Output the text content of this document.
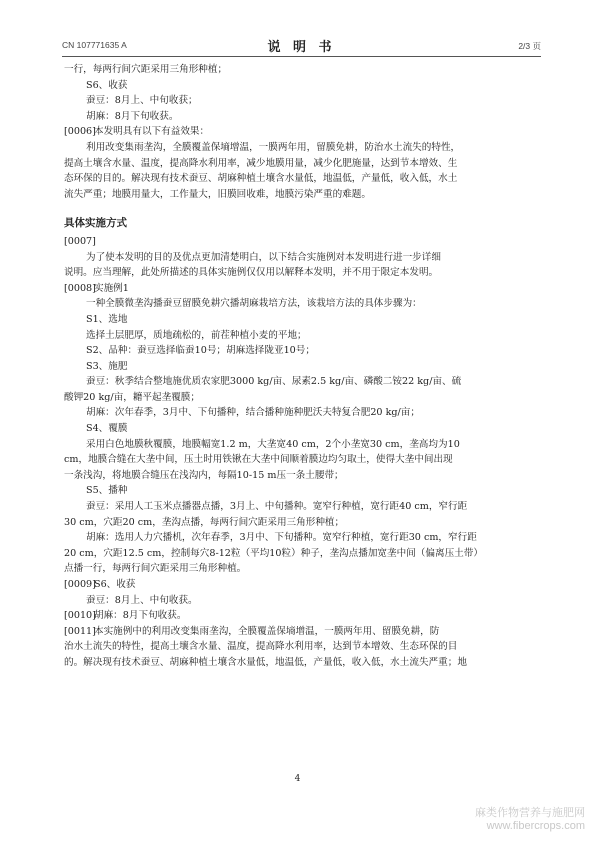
CN 107771635 A	说 明 书	2/3 页
一行，每两行间穴距采用三角形种植；
S6、收获
蚕豆：8月上、中旬收获；
胡麻：8月下旬收获。
[0006]
本发明具有以下有益效果：
利用改变集雨垄沟，全膜覆盖保墒增温，一膜两年用，留膜免耕，防治水土流失的特性，
提高土壤含水量、温度，提高降水利用率，减少地膜用量，减少化肥施量，达到节本增效、生
态环保的目的。解决现有技术蚕豆、胡麻种植土壤含水量低，地温低，产量低，收入低，水土
流失严重；地膜用量大，工作量大，旧膜回收难，地膜污染严重的难题。
具体实施方式
[0007]
为了使本发明的目的及优点更加清楚明白，以下结合实施例对本发明进行进一步详细
说明。应当理解，此处所描述的具体实施例仅仅用以解释本发明，并不用于限定本发明。
[0008]
实施例1
一种全膜微垄沟播蚕豆留膜免耕穴播胡麻栽培方法，该栽培方法的具体步骤为：
S1、选地
选择土层肥厚，质地疏松的，前茬种植小麦的平地；
S2、品种：蚕豆选择临蚕10号；胡麻选择陇亚10号；
S3、施肥
蚕豆：秋季结合整地施优质农家肥3000 kg/亩、尿素2.5 kg/亩、磷酸二铵22 kg/亩、硫
酸钾20 kg/亩，耱平起垄覆膜；
胡麻：次年春季，3月中、下旬播种，结合播种施种肥沃夫特复合肥20 kg/亩；
S4、覆膜
采用白色地膜秋覆膜，地膜幅宽1.2 m，大垄宽40 cm，2个小垄宽30 cm，垄高均为10
cm，地膜合缝在大垄中间，压土时用铁锹在大垄中间顺着膜边均匀取土，使得大垄中间出现
一条浅沟，将地膜合缝压在浅沟内，每隔10-15 m压一条土腰带；
S5、播种
蚕豆：采用人工玉米点播器点播，3月上、中旬播种。宽窄行种植，宽行距40 cm，窄行距
30 cm，穴距20 cm，垄沟点播，每两行间穴距采用三角形种植；
胡麻：选用人力穴播机，次年春季，3月中、下旬播种。宽窄行种植，宽行距30 cm，窄行距
20 cm，穴距12.5 cm，控制每穴8-12粒（平均10粒）种子，垄沟点播加宽垄中间（偏离压土带）
点播一行，每两行间穴距采用三角形种植。
[0009]
S6、收获
蚕豆：8月上、中旬收获。
[0010]
胡麻：8月下旬收获。
[0011]
本实施例中的利用改变集雨垄沟，全膜覆盖保墒增温，一膜两年用、留膜免耕，防
治水土流失的特性，提高土壤含水量、温度，提高降水利用率，达到节本增效、生态环保的目
的。解决现有技术蚕豆、胡麻种植土壤含水量低，地温低，产量低，收入低，水土流失严重；地
4
麻类作物营养与施肥网
www.fibercrops.com
